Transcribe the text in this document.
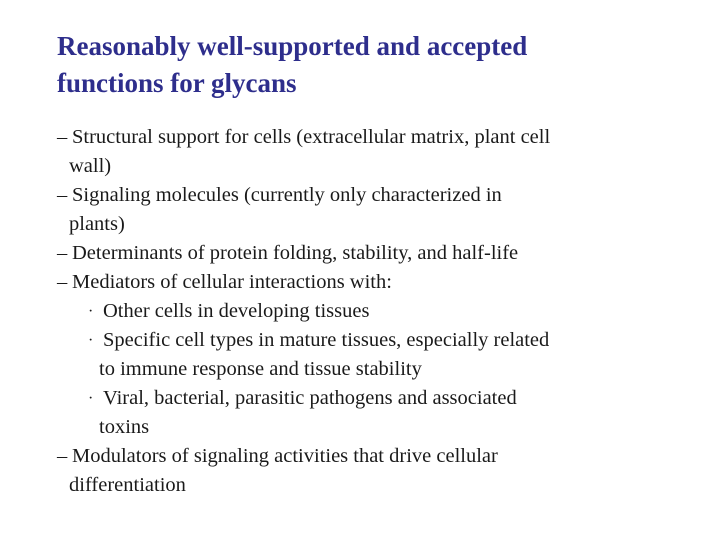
Reasonably well-supported and accepted
functions for glycans
– Structural support for cells (extracellular matrix, plant cell
wall)
– Signaling molecules (currently only characterized in
plants)
– Determinants of protein folding, stability, and half-life
– Mediators of cellular interactions with:
· Other cells in developing tissues
· Specific cell types in mature tissues, especially related
to immune response and tissue stability
· Viral, bacterial, parasitic pathogens and associated
toxins
– Modulators of signaling activities that drive cellular
differentiation
